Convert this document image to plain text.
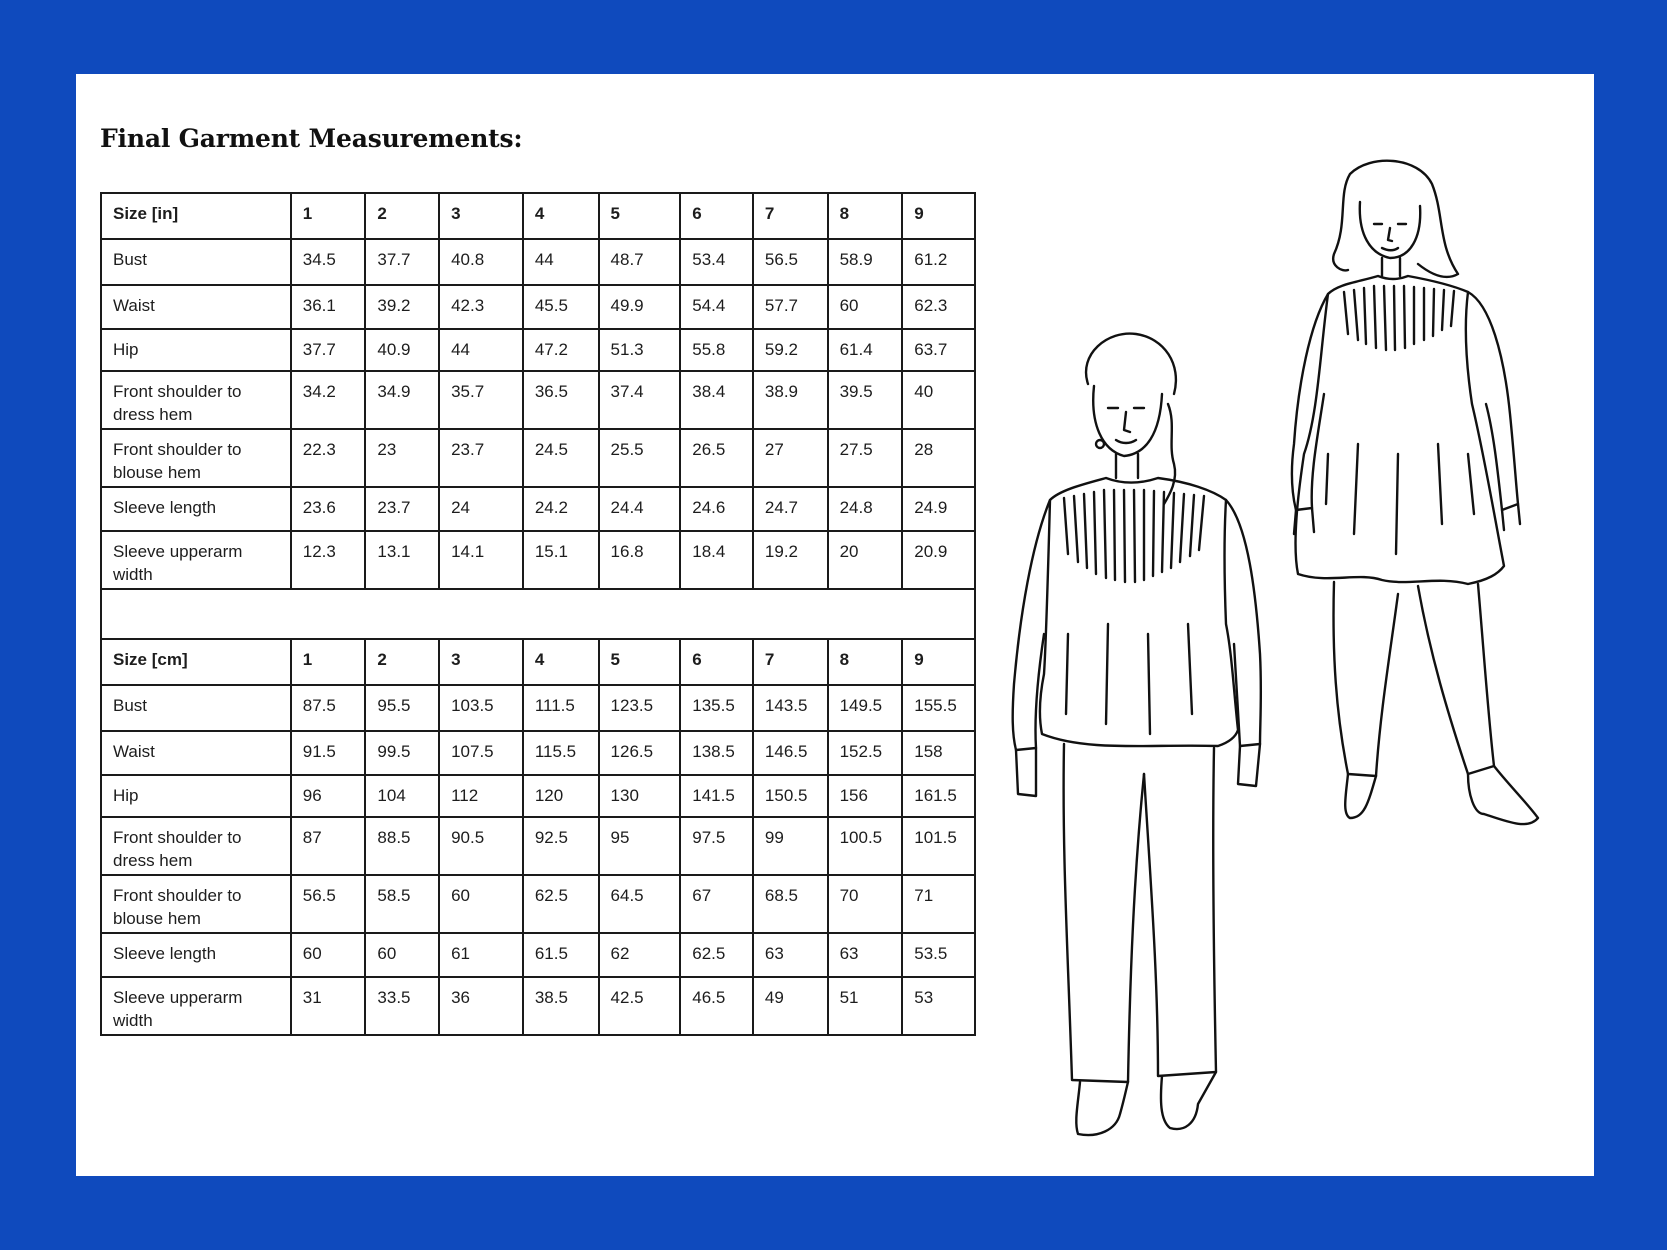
Final Garment Measurements:
Size [in]	1	2	3	4	5	6	7	8	9
Bust	34.5	37.7	40.8	44	48.7	53.4	56.5	58.9	61.2
Waist	36.1	39.2	42.3	45.5	49.9	54.4	57.7	60	62.3
Hip	37.7	40.9	44	47.2	51.3	55.8	59.2	61.4	63.7
Front shoulder to dress hem	34.2	34.9	35.7	36.5	37.4	38.4	38.9	39.5	40
Front shoulder to blouse hem	22.3	23	23.7	24.5	25.5	26.5	27	27.5	28
Sleeve length	23.6	23.7	24	24.2	24.4	24.6	24.7	24.8	24.9
Sleeve upperarm width	12.3	13.1	14.1	15.1	16.8	18.4	19.2	20	20.9

Size [cm]	1	2	3	4	5	6	7	8	9
Bust	87.5	95.5	103.5	111.5	123.5	135.5	143.5	149.5	155.5
Waist	91.5	99.5	107.5	115.5	126.5	138.5	146.5	152.5	158
Hip	96	104	112	120	130	141.5	150.5	156	161.5
Front shoulder to dress hem	87	88.5	90.5	92.5	95	97.5	99	100.5	101.5
Front shoulder to blouse hem	56.5	58.5	60	62.5	64.5	67	68.5	70	71
Sleeve length	60	60	61	61.5	62	62.5	63	63	53.5
Sleeve upperarm width	31	33.5	36	38.5	42.5	46.5	49	51	53
